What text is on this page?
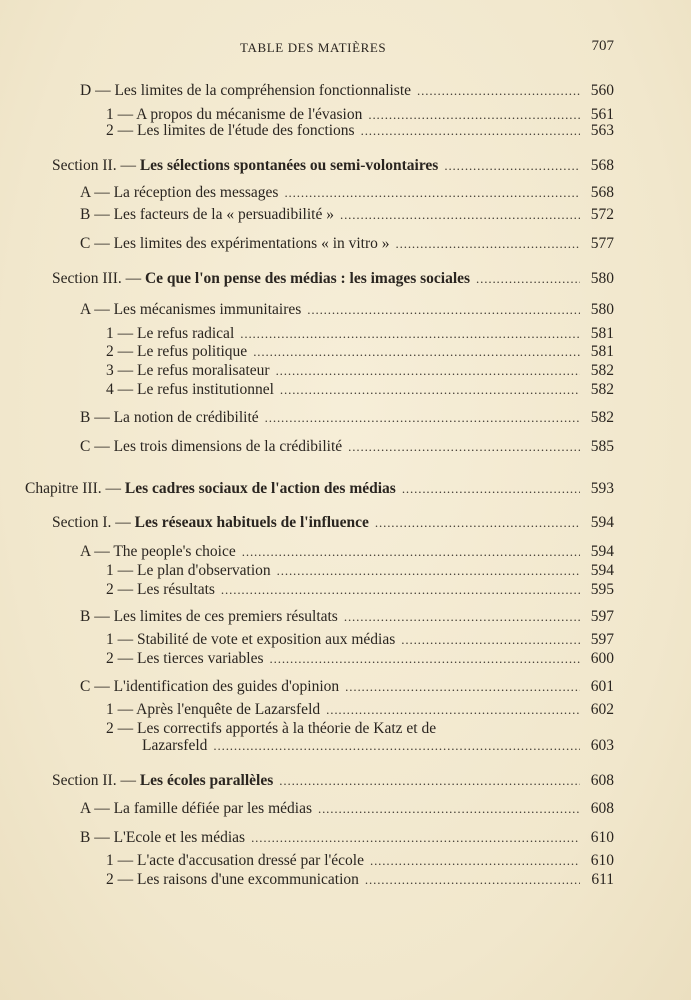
TABLE DES MATIÈRES	707
D — Les limites de la compréhension fonctionnaliste . . .	560
1 — A propos du mécanisme de l'évasion . . .	561
2 — Les limites de l'étude des fonctions . . .	563
Section II. — Les sélections spontanées ou semi-volontaires . . .	568
A — La réception des messages . . .	568
B — Les facteurs de la « persuadibilité » . . .	572
C — Les limites des expérimentations « in vitro » . . .	577
Section III. — Ce que l'on pense des médias : les images sociales . . .	580
A — Les mécanismes immunitaires . . .	580
1 — Le refus radical . . .	581
2 — Le refus politique . . .	581
3 — Le refus moralisateur . . .	582
4 — Le refus institutionnel . . .	582
B — La notion de crédibilité . . .	582
C — Les trois dimensions de la crédibilité . . .	585
Chapitre III. — Les cadres sociaux de l'action des médias . . .	593
Section I. — Les réseaux habituels de l'influence . . .	594
A — The people's choice . . .	594
1 — Le plan d'observation . . .	594
2 — Les résultats . . .	595
B — Les limites de ces premiers résultats . . .	597
1 — Stabilité de vote et exposition aux médias . . .	597
2 — Les tierces variables . . .	600
C — L'identification des guides d'opinion . . .	601
1 — Après l'enquête de Lazarsfeld . . .	602
2 — Les correctifs apportés à la théorie de Katz et de
Lazarsfeld . . .	603
Section II. — Les écoles parallèles . . .	608
A — La famille défiée par les médias . . .	608
B — L'Ecole et les médias . . .	610
1 — L'acte d'accusation dressé par l'école . . .	610
2 — Les raisons d'une excommunication . . .	611
